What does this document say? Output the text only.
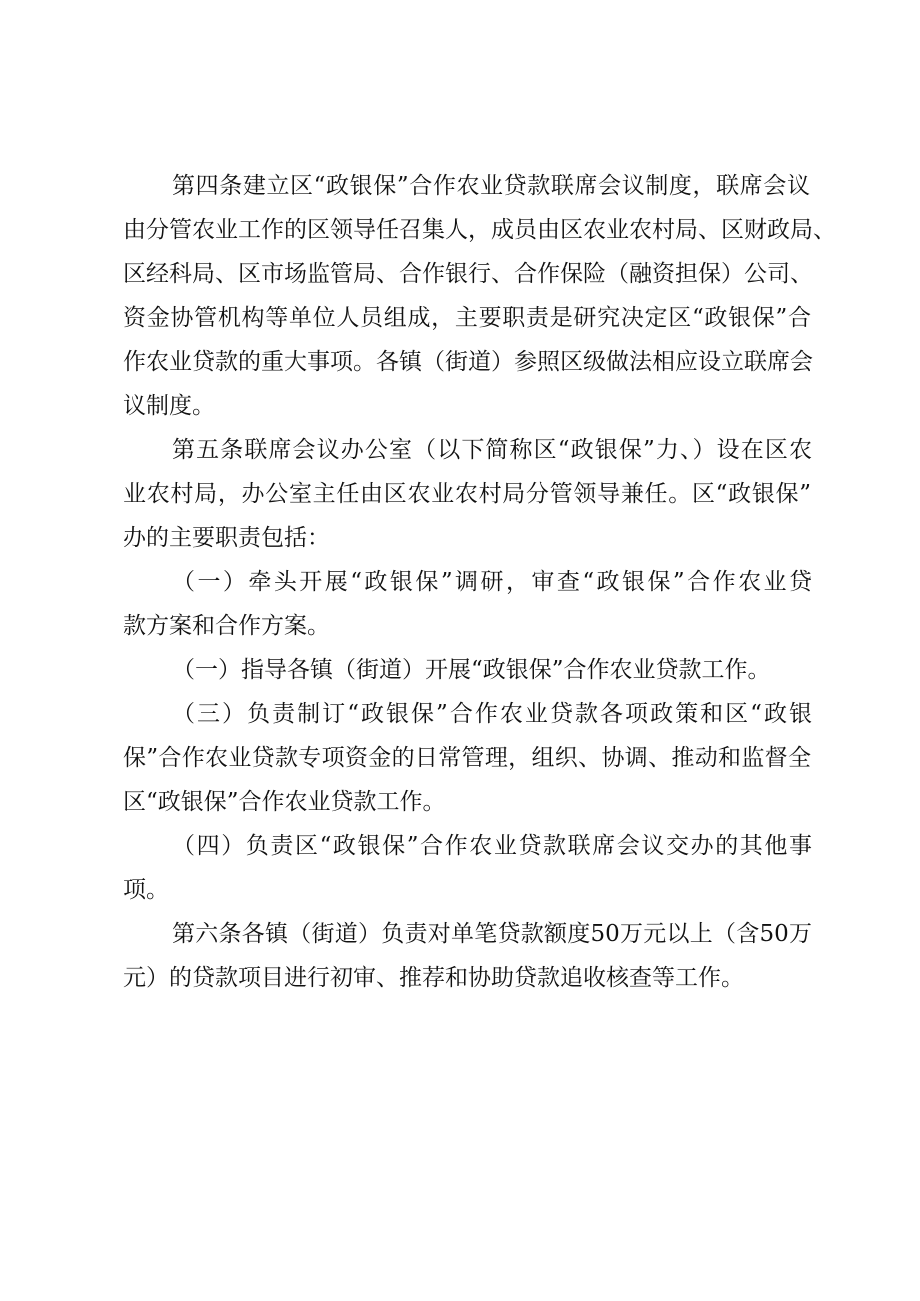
第四条建立区“政银保”合作农业贷款联席会议制度，联席会议

由分管农业工作的区领导任召集人，成员由区农业农村局、区财政局、

区经科局、区市场监管局、合作银行、合作保险（融资担保）公司、

资金协管机构等单位人员组成，主要职责是研究决定区“政银保”合

作农业贷款的重大事项。各镇（街道）参照区级做法相应设立联席会

议制度。

第五条联席会议办公室（以下简称区“政银保”力、）设在区农

业农村局，办公室主任由区农业农村局分管领导兼任。区“政银保”

办的主要职责包括：

（一）牵头开展“政银保”调研，审查“政银保”合作农业贷

款方案和合作方案。

（一）指导各镇（街道）开展“政银保”合作农业贷款工作。

（三）负责制订“政银保”合作农业贷款各项政策和区“政银

保”合作农业贷款专项资金的日常管理，组织、协调、推动和监督全

区“政银保”合作农业贷款工作。

（四）负责区“政银保”合作农业贷款联席会议交办的其他事

项。

第六条各镇（街道）负责对单笔贷款额度50万元以上（含50万

元）的贷款项目进行初审、推荐和协助贷款追收核查等工作。
